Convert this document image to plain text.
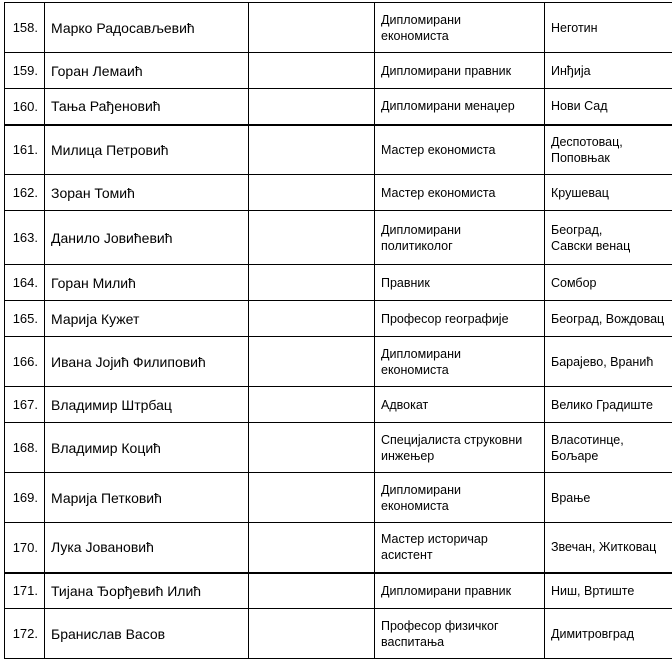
158.	Марко Радосављевић		Дипломирани
економиста	Неготин
159.	Горан Лемаић		Дипломирани правник	Инђија
160.	Тања Рађеновић		Дипломирани менаџер	Нови Сад
161.	Милица Петровић		Мастер економиста	Деспотовац,
Поповњак
162.	Зоран Томић		Мастер економиста	Крушевац
163.	Данило Јовићевић		Дипломирани
политиколог	Београд,
Савски венац
164.	Горан Милић		Правник	Сомбор
165.	Марија Кужет		Професор географије	Београд, Вождовац
166.	Ивана Јојић Филиповић		Дипломирани
економиста	Барајево, Вранић
167.	Владимир Штрбац		Адвокат	Велико Градиште
168.	Владимир Коцић		Специјалиста струковни
инжењер	Власотинце,
Бољаре
169.	Марија Петковић		Дипломирани
економиста	Врање
170.	Лука Јовановић		Мастер историчар
асистент	Звечан, Житковац
171.	Тијана Ђорђевић Илић		Дипломирани правник	Ниш, Вртиште
172.	Бранислав Васов		Професор физичког
васпитања	Димитровград
